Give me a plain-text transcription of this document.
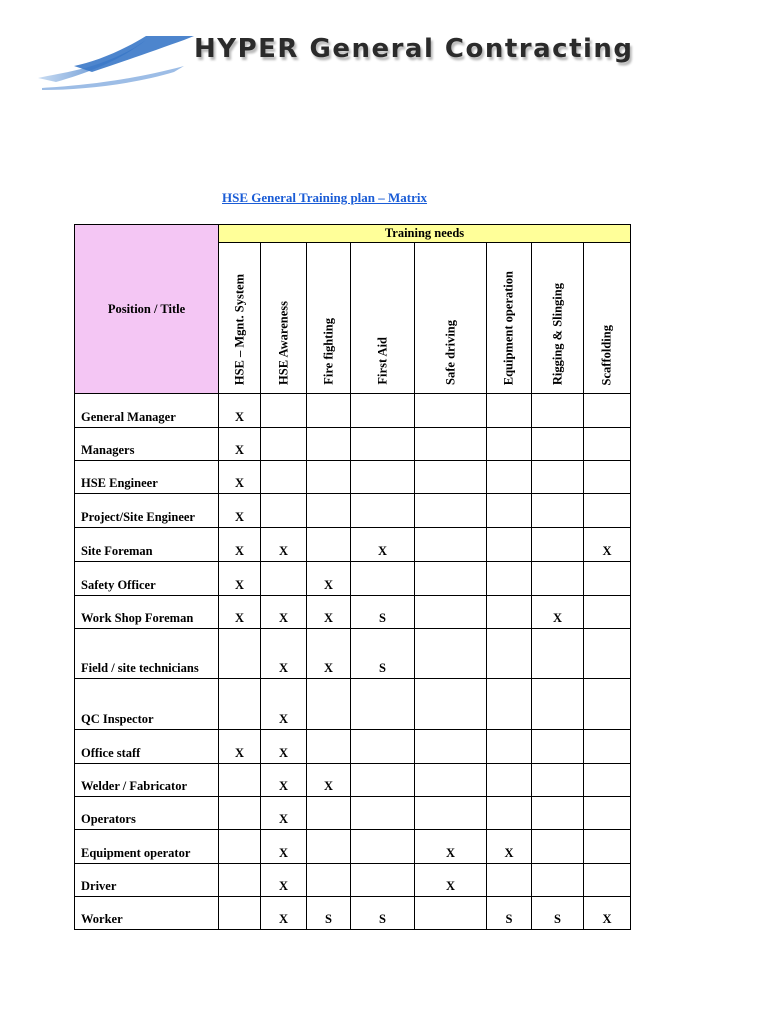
HYPER General Contracting
HSE General Training plan – Matrix
Position / Title	Training needs							

	HSE – Mgnt. System	HSE Awareness	Fire fighting	First Aid	Safe driving	Equipment operation	Rigging & Slinging	Scaffolding

General Manager	X							
Managers	X							
HSE Engineer	X							
Project/Site Engineer	X							
Site Foreman	X	X		X				X
Safety Officer	X		X					
Work Shop Foreman	X	X	X	S			X	
Field / site technicians		X	X	S				
QC Inspector		X						
Office staff	X	X						
Welder / Fabricator		X	X					
Operators		X						
Equipment operator		X			X	X		
Driver		X			X			
Worker		X	S	S		S	S	X
